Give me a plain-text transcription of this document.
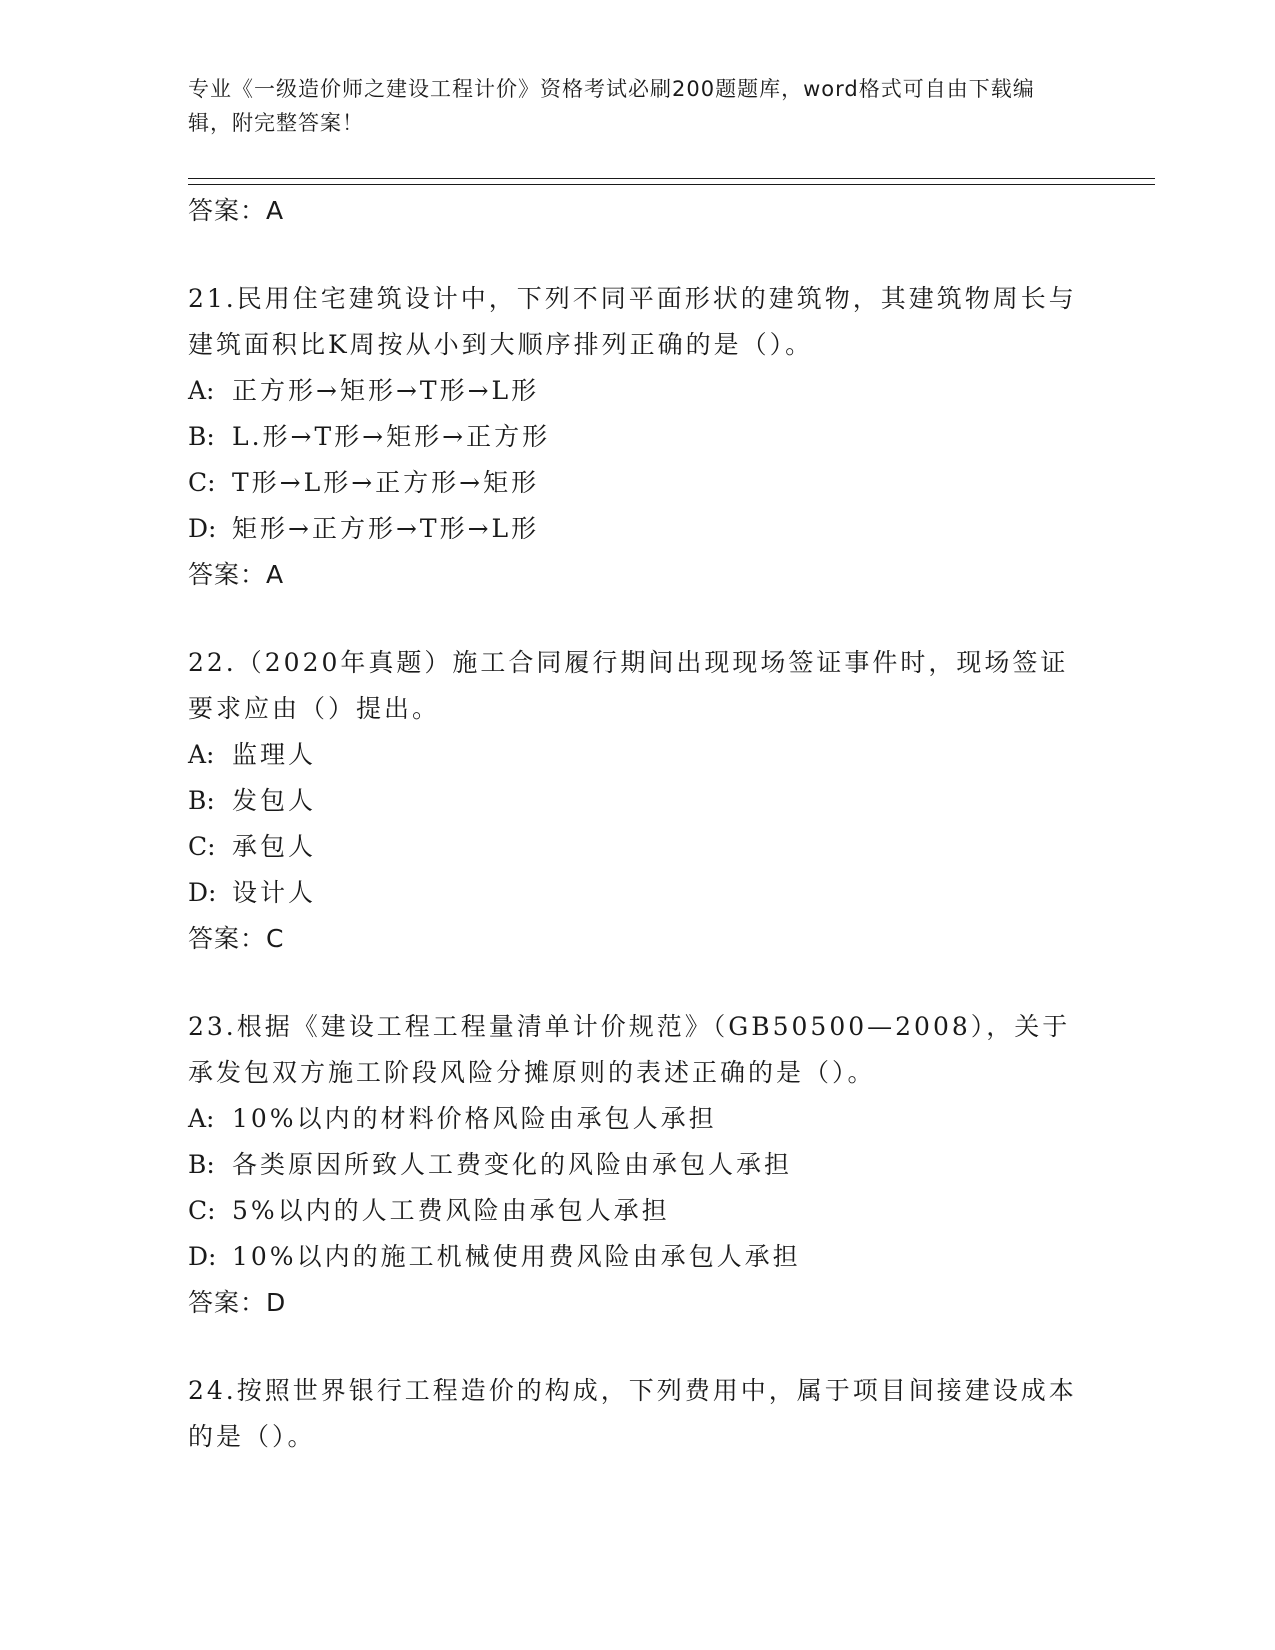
专业《一级造价师之建设工程计价》资格考试必刷200题题库，word格式可自由下载编辑，附完整答案！
答案：A
21.民用住宅建筑设计中，下列不同平面形状的建筑物，其建筑物周长与建筑面积比K周按从小到大顺序排列正确的是（）。
A: 正方形→矩形→T形→L形
B: L.形→T形→矩形→正方形
C: T形→L形→正方形→矩形
D: 矩形→正方形→T形→L形
答案：A
22.（2020年真题）施工合同履行期间出现现场签证事件时，现场签证要求应由（）提出。
A: 监理人
B: 发包人
C: 承包人
D: 设计人
答案：C
23.根据《建设工程工程量清单计价规范》（GB50500—2008），关于承发包双方施工阶段风险分摊原则的表述正确的是（）。
A: 10%以内的材料价格风险由承包人承担
B: 各类原因所致人工费变化的风险由承包人承担
C: 5%以内的人工费风险由承包人承担
D: 10%以内的施工机械使用费风险由承包人承担
答案：D
24.按照世界银行工程造价的构成，下列费用中，属于项目间接建设成本的是（）。
